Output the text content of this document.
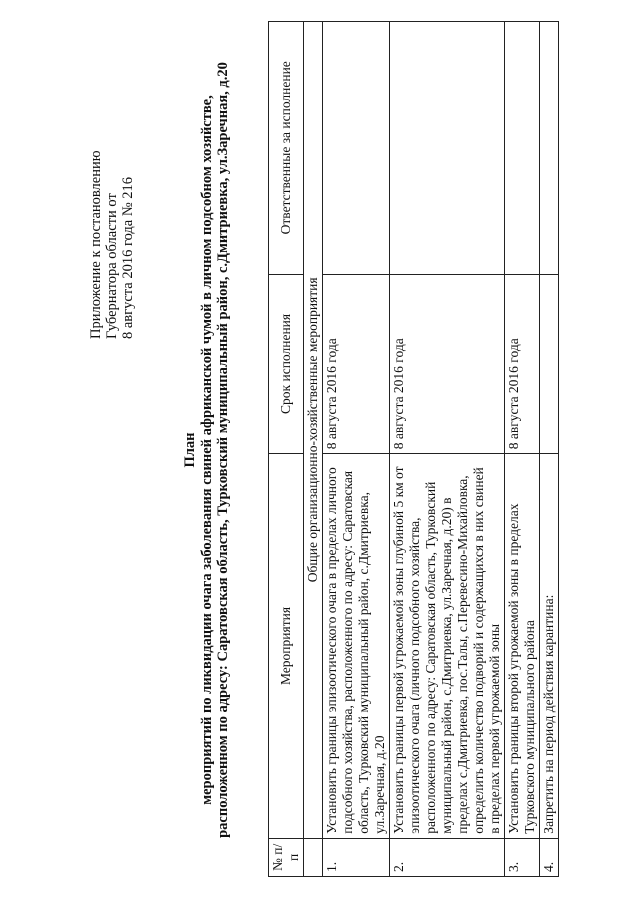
Приложение к постановлению Губернатора области от 8 августа 2016 года № 216
План мероприятий по ликвидации очага заболевания свиней африканской чумой в личном подсобном хозяйстве, расположенном по адресу: Саратовская область, Турковский муниципальный район, с.Дмитриевка, ул.Заречная, д.20
№ п/п	Мероприятия	Срок исполнения	Ответственные за исполнение
	Общие организационно-хозяйственные мероприятия		
1.	Установить границы эпизоотического очага в пределах личного подсобного хозяйства, расположенного по адресу: Саратовская область, Турковский муниципальный район, с.Дмитриевка, ул.Заречная, д.20	8 августа 2016 года	
2.	Установить границы первой угрожаемой зоны глубиной 5 км от эпизоотического очага (личного подсобного хозяйства, расположенного по адресу: Саратовская область, Турковский муниципальный район, с.Дмитриевка, ул.Заречная, д.20) в пределах с.Дмитриевка, пос.Талы, с.Перевесино-Михайловка, определить количество подворий и содержащихся в них свиней в пределах первой угрожаемой зоны	8 августа 2016 года	
3.	Установить границы второй угрожаемой зоны в пределах Турковского муниципального района	8 августа 2016 года	
4.	Запретить на период действия карантина:		
